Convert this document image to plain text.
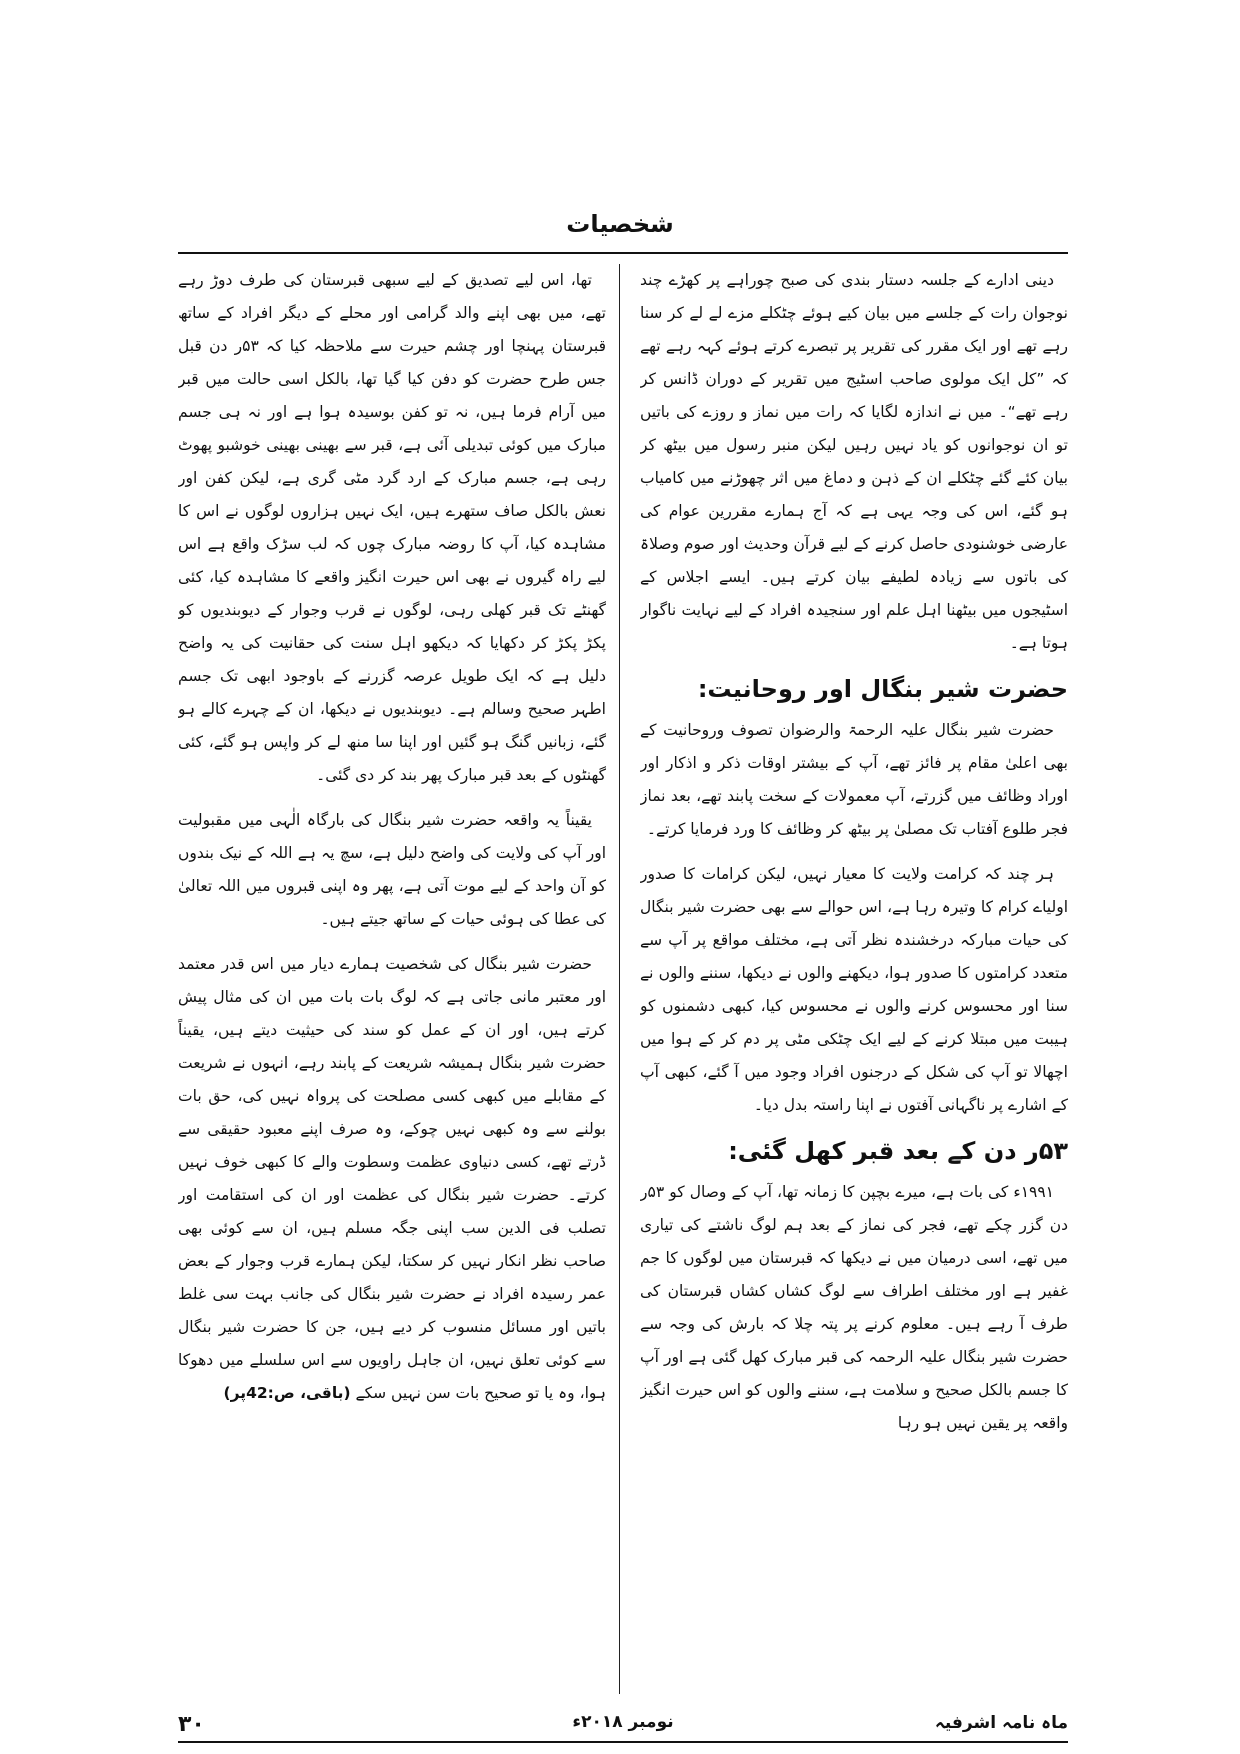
شخصیات

دینی ادارے کے جلسہ دستار بندی کی صبح چوراہے پر کھڑے چند نوجوان رات کے جلسے میں بیان کیے ہوئے چٹکلے مزے لے لے کر سنا رہے تھے اور ایک مقرر کی تقریر پر تبصرے کرتے ہوئے کہہ رہے تھے کہ ”کل ایک مولوی صاحب اسٹیج میں تقریر کے دوران ڈانس کر رہے تھے“۔ میں نے اندازہ لگایا کہ رات میں نماز و روزے کی باتیں تو ان نوجوانوں کو یاد نہیں رہیں لیکن منبر رسول میں بیٹھ کر بیان کئے گئے چٹکلے ان کے ذہن و دماغ میں اثر چھوڑنے میں کامیاب ہو گئے، اس کی وجہ یہی ہے کہ آج ہمارے مقررین عوام کی عارضی خوشنودی حاصل کرنے کے لیے قرآن وحدیث اور صوم وصلاۃ کی باتوں سے زیادہ لطیفے بیان کرتے ہیں۔ ایسے اجلاس کے اسٹیجوں میں بیٹھنا اہل علم اور سنجیدہ افراد کے لیے نہایت ناگوار ہوتا ہے۔

حضرت شیر بنگال اور روحانیت:

حضرت شیر بنگال علیہ الرحمۃ والرضوان تصوف وروحانیت کے بھی اعلیٰ مقام پر فائز تھے، آپ کے بیشتر اوقات ذکر و اذکار اور اوراد وظائف میں گزرتے، آپ معمولات کے سخت پابند تھے، بعد نماز فجر طلوع آفتاب تک مصلیٰ پر بیٹھ کر وظائف کا ورد فرمایا کرتے۔

ہر چند کہ کرامت ولایت کا معیار نہیں، لیکن کرامات کا صدور اولیاے کرام کا وتیرہ رہا ہے، اس حوالے سے بھی حضرت شیر بنگال کی حیات مبارکہ درخشندہ نظر آتی ہے، مختلف مواقع پر آپ سے متعدد کرامتوں کا صدور ہوا، دیکھنے والوں نے دیکھا، سننے والوں نے سنا اور محسوس کرنے والوں نے محسوس کیا، کبھی دشمنوں کو ہیبت میں مبتلا کرنے کے لیے ایک چٹکی مٹی پر دم کر کے ہوا میں اچھالا تو آپ کی شکل کے درجنوں افراد وجود میں آ گئے، کبھی آپ کے اشارے پر ناگہانی آفتوں نے اپنا راستہ بدل دیا۔

۵۳ر دن کے بعد قبر کھل گئی:

۱۹۹۱ء کی بات ہے، میرے بچپن کا زمانہ تھا، آپ کے وصال کو ۵۳ر دن گزر چکے تھے، فجر کی نماز کے بعد ہم لوگ ناشتے کی تیاری میں تھے، اسی درمیان میں نے دیکھا کہ قبرستان میں لوگوں کا جم غفیر ہے اور مختلف اطراف سے لوگ کشاں کشاں قبرستان کی طرف آ رہے ہیں۔ معلوم کرنے پر پتہ چلا کہ بارش کی وجہ سے حضرت شیر بنگال علیہ الرحمہ کی قبر مبارک کھل گئی ہے اور آپ کا جسم بالکل صحیح و سلامت ہے، سننے والوں کو اس حیرت انگیز واقعہ پر یقین نہیں ہو رہا

تھا، اس لیے تصدیق کے لیے سبھی قبرستان کی طرف دوڑ رہے تھے، میں بھی اپنے والد گرامی اور محلے کے دیگر افراد کے ساتھ قبرستان پہنچا اور چشم حیرت سے ملاحظہ کیا کہ ۵۳ر دن قبل جس طرح حضرت کو دفن کیا گیا تھا، بالکل اسی حالت میں قبر میں آرام فرما ہیں، نہ تو کفن بوسیدہ ہوا ہے اور نہ ہی جسم مبارک میں کوئی تبدیلی آئی ہے، قبر سے بھینی بھینی خوشبو پھوٹ رہی ہے، جسم مبارک کے ارد گرد مٹی گری ہے، لیکن کفن اور نعش بالکل صاف ستھرے ہیں، ایک نہیں ہزاروں لوگوں نے اس کا مشاہدہ کیا، آپ کا روضہ مبارک چوں کہ لب سڑک واقع ہے اس لیے راہ گیروں نے بھی اس حیرت انگیز واقعے کا مشاہدہ کیا، کئی گھنٹے تک قبر کھلی رہی، لوگوں نے قرب وجوار کے دیوبندیوں کو پکڑ پکڑ کر دکھایا کہ دیکھو اہل سنت کی حقانیت کی یہ واضح دلیل ہے کہ ایک طویل عرصہ گزرنے کے باوجود ابھی تک جسم اطہر صحیح وسالم ہے۔ دیوبندیوں نے دیکھا، ان کے چہرے کالے ہو گئے، زبانیں گنگ ہو گئیں اور اپنا سا منھ لے کر واپس ہو گئے، کئی گھنٹوں کے بعد قبر مبارک پھر بند کر دی گئی۔

یقیناً یہ واقعہ حضرت شیر بنگال کی بارگاہ الٰہی میں مقبولیت اور آپ کی ولایت کی واضح دلیل ہے، سچ یہ ہے اللہ کے نیک بندوں کو آن واحد کے لیے موت آتی ہے، پھر وہ اپنی قبروں میں اللہ تعالیٰ کی عطا کی ہوئی حیات کے ساتھ جیتے ہیں۔

حضرت شیر بنگال کی شخصیت ہمارے دیار میں اس قدر معتمد اور معتبر مانی جاتی ہے کہ لوگ بات بات میں ان کی مثال پیش کرتے ہیں، اور ان کے عمل کو سند کی حیثیت دیتے ہیں، یقیناً حضرت شیر بنگال ہمیشہ شریعت کے پابند رہے، انہوں نے شریعت کے مقابلے میں کبھی کسی مصلحت کی پرواہ نہیں کی، حق بات بولنے سے وہ کبھی نہیں چوکے، وہ صرف اپنے معبود حقیقی سے ڈرتے تھے، کسی دنیاوی عظمت وسطوت والے کا کبھی خوف نہیں کرتے۔ حضرت شیر بنگال کی عظمت اور ان کی استقامت اور تصلب فی الدین سب اپنی جگہ مسلم ہیں، ان سے کوئی بھی صاحب نظر انکار نہیں کر سکتا، لیکن ہمارے قرب وجوار کے بعض عمر رسیدہ افراد نے حضرت شیر بنگال کی جانب بہت سی غلط باتیں اور مسائل منسوب کر دیے ہیں، جن کا حضرت شیر بنگال سے کوئی تعلق نہیں، ان جاہل راویوں سے اس سلسلے میں دھوکا ہوا، وہ یا تو صحیح بات سن نہیں سکے (باقی، ص:42پر)

ماہ نامہ اشرفیہ
نومبر ۲۰۱۸ء
۳۰
